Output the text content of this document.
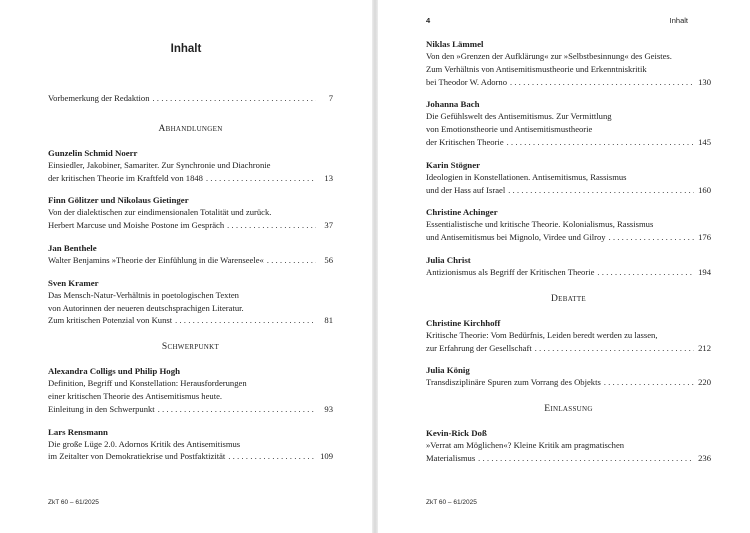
Inhalt
Vorbemerkung der Redaktion . . .	7
Abhandlungen
Gunzelin Schmid Noerr
Einsiedler, Jakobiner, Samariter. Zur Synchronie und Diachronie
der kritischen Theorie im Kraftfeld von 1848 . . .	13
Finn Gölitzer und Nikolaus Gietinger
Von der dialektischen zur eindimensionalen Totalität und zurück.
Herbert Marcuse und Moishe Postone im Gespräch . . .	37
Jan Benthele
Walter Benjamins »Theorie der Einfühlung in die Warenseele« . . .	56
Sven Kramer
Das Mensch-Natur-Verhältnis in poetologischen Texten
von Autorinnen der neueren deutschsprachigen Literatur.
Zum kritischen Potenzial von Kunst . . .	81
Schwerpunkt
Alexandra Colligs und Philip Hogh
Definition, Begriff und Konstellation: Herausforderungen
einer kritischen Theorie des Antisemitismus heute.
Einleitung in den Schwerpunkt . . .	93
Lars Rensmann
Die große Lüge 2.0. Adornos Kritik des Antisemitismus
im Zeitalter von Demokratiekrise und Postfaktizität . . .	109
ZkT 60 – 61/2025
4	Inhalt
Niklas Lämmel
Von den »Grenzen der Aufklärung« zur »Selbstbesinnung« des Geistes.
Zum Verhältnis von Antisemitismustheorie und Erkenntniskritik
bei Theodor W. Adorno . . .	130
Johanna Bach
Die Gefühlswelt des Antisemitismus. Zur Vermittlung
von Emotionstheorie und Antisemitismustheorie
der Kritischen Theorie . . .	145
Karin Stögner
Ideologien in Konstellationen. Antisemitismus, Rassismus
und der Hass auf Israel . . .	160
Christine Achinger
Essentialistische und kritische Theorie. Kolonialismus, Rassismus
und Antisemitismus bei Mignolo, Virdee und Gilroy . . .	176
Julia Christ
Antizionismus als Begriff der Kritischen Theorie . . .	194
Debatte
Christine Kirchhoff
Kritische Theorie: Vom Bedürfnis, Leiden beredt werden zu lassen,
zur Erfahrung der Gesellschaft . . .	212
Julia König
Transdisziplinäre Spuren zum Vorrang des Objekts . . .	220
Einlassung
Kevin-Rick Doß
»Verrat am Möglichen«? Kleine Kritik am pragmatischen
Materialismus . . .	236
ZkT 60 – 61/2025
